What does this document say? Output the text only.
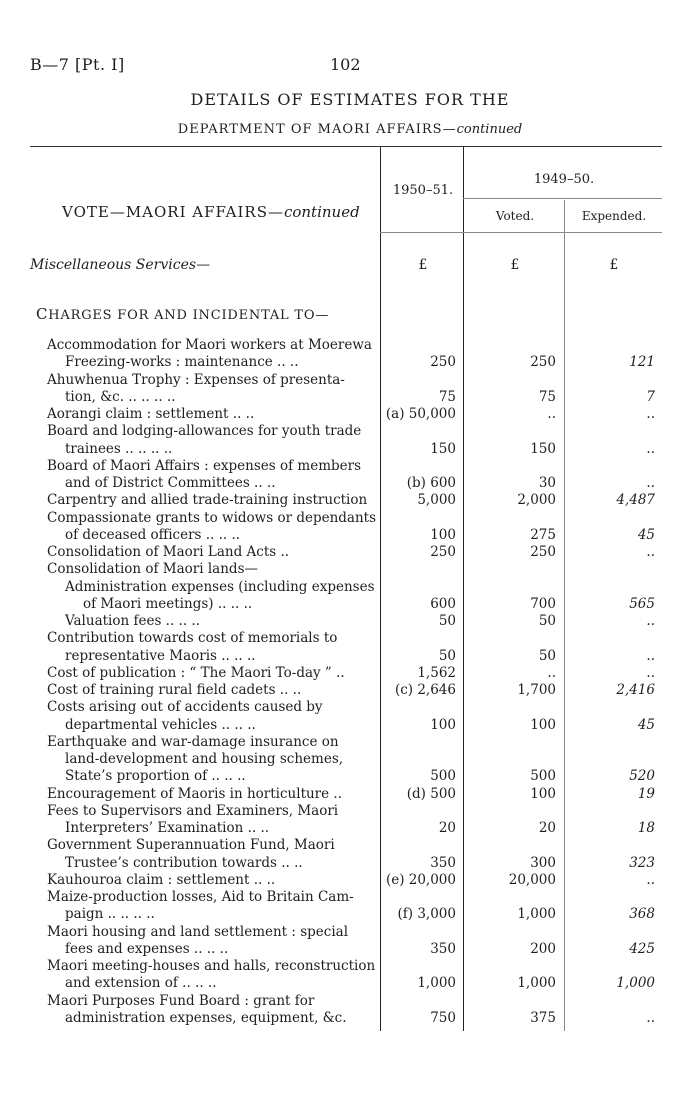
B—7 [Pt. I]	102
DETAILS OF ESTIMATES FOR THE
DEPARTMENT OF MAORI AFFAIRS—continued
VOTE—MAORI AFFAIRS—continued
1950–51.
1949–50.
Voted.	Expended.
Miscellaneous Services—	£	£	£
CHARGES FOR AND INCIDENTAL TO—
Accommodation for Maori workers at Moerewa
Freezing-works : maintenance .. ..	250	250	121
Ahuwhenua Trophy : Expenses of presenta-
tion, &c. .. .. .. ..	75	75	7
Aorangi claim : settlement .. ..	(a) 50,000	..	..
Board and lodging-allowances for youth trade
trainees .. .. .. ..	150	150	..
Board of Maori Affairs : expenses of members
and of District Committees .. ..	(b) 600	30	..
Carpentry and allied trade-training instruction	5,000	2,000	4,487
Compassionate grants to widows or dependants
of deceased officers .. .. ..	100	275	45
Consolidation of Maori Land Acts ..	250	250	..
Consolidation of Maori lands—
Administration expenses (including expenses
of Maori meetings) .. .. ..	600	700	565
Valuation fees .. .. ..	50	50	..
Contribution towards cost of memorials to
representative Maoris .. .. ..	50	50	..
Cost of publication : “ The Maori To-day ” ..	1,562	..	..
Cost of training rural field cadets .. ..	(c) 2,646	1,700	2,416
Costs arising out of accidents caused by
departmental vehicles .. .. ..	100	100	45
Earthquake and war-damage insurance on
land-development and housing schemes,
State’s proportion of .. .. ..	500	500	520
Encouragement of Maoris in horticulture ..	(d) 500	100	19
Fees to Supervisors and Examiners, Maori
Interpreters’ Examination .. ..	20	20	18
Government Superannuation Fund, Maori
Trustee’s contribution towards .. ..	350	300	323
Kauhouroa claim : settlement .. ..	(e) 20,000	20,000	..
Maize-production losses, Aid to Britain Cam-
paign .. .. .. ..	(f) 3,000	1,000	368
Maori housing and land settlement : special
fees and expenses .. .. ..	350	200	425
Maori meeting-houses and halls, reconstruction
and extension of .. .. ..	1,000	1,000	1,000
Maori Purposes Fund Board : grant for
administration expenses, equipment, &c.	750	375	..
